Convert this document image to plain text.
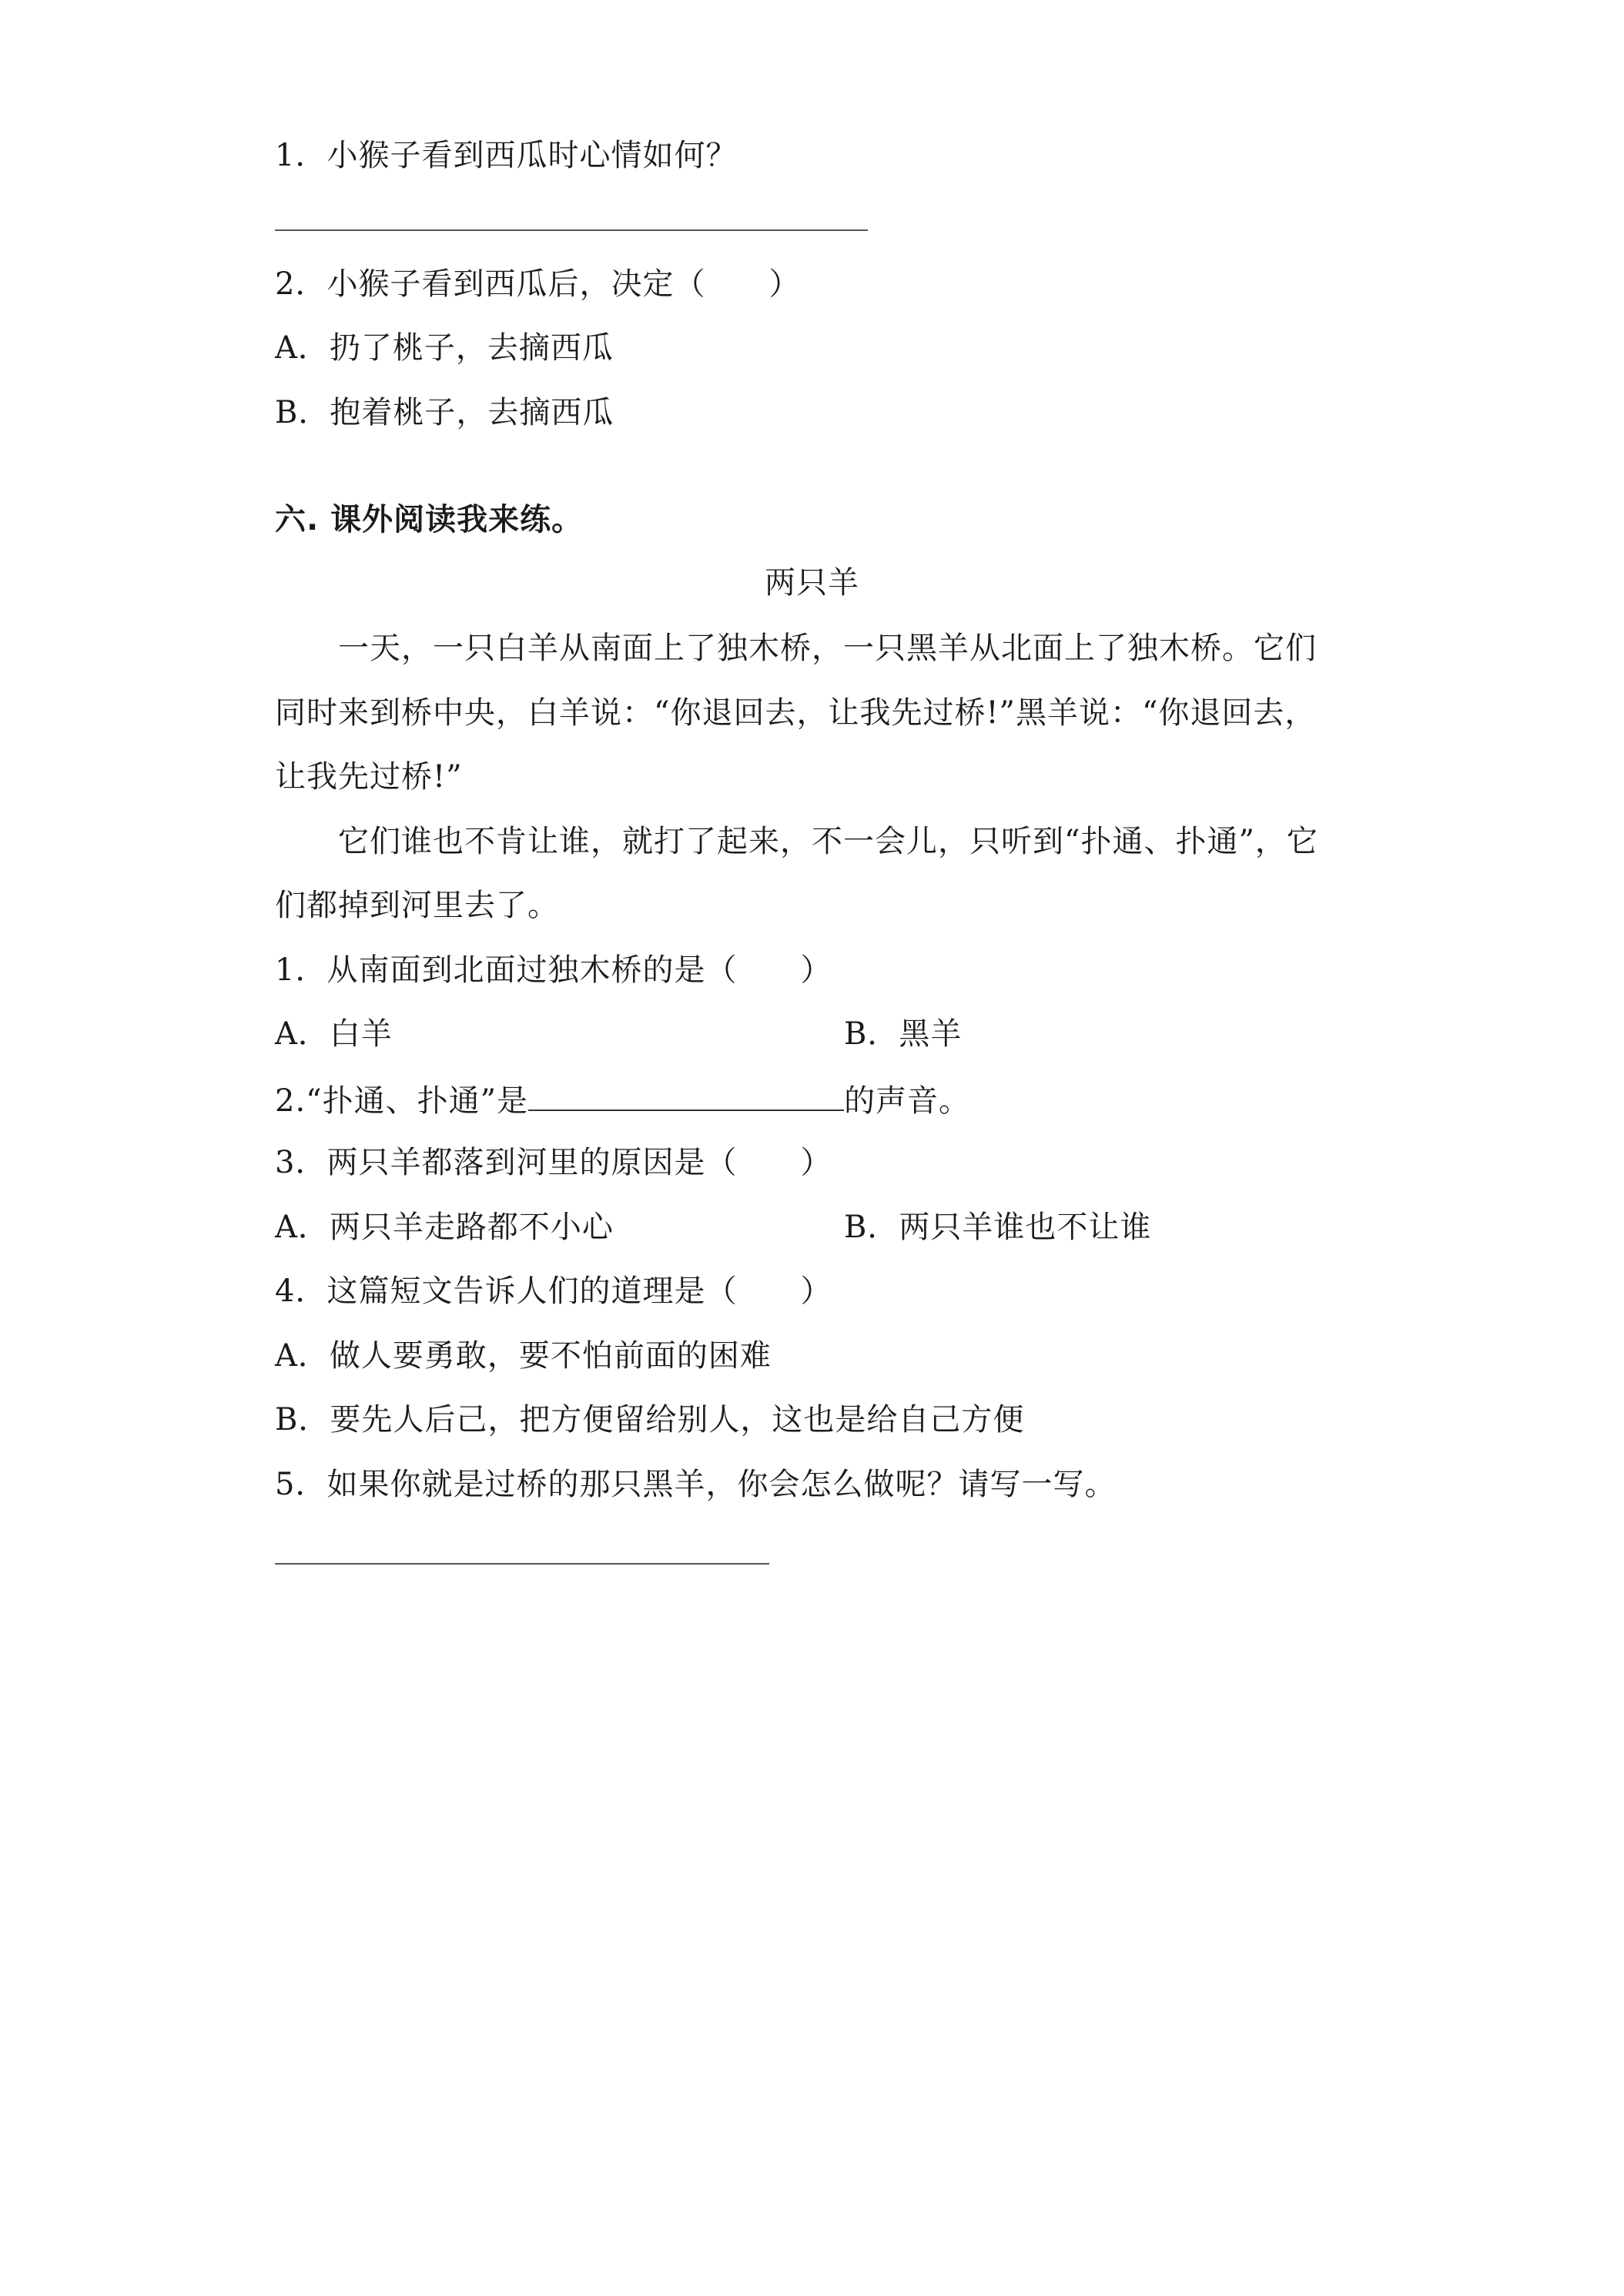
1．小猴子看到西瓜时心情如何？
2．小猴子看到西瓜后，决定（　　）
A．扔了桃子，去摘西瓜
B．抱着桃子，去摘西瓜
六. 课外阅读我来练。
两只羊
　　一天，一只白羊从南面上了独木桥，一只黑羊从北面上了独木桥。它们
同时来到桥中央，白羊说：“你退回去，让我先过桥!”黑羊说：“你退回去，
让我先过桥!”
　　它们谁也不肯让谁，就打了起来，不一会儿，只听到“扑通、扑通”，它
们都掉到河里去了。
1．从南面到北面过独木桥的是（　　）
A．白羊	B．黑羊
2.“扑通、扑通”是	的声音。
3．两只羊都落到河里的原因是（　　）
A．两只羊走路都不小心	B．两只羊谁也不让谁
4．这篇短文告诉人们的道理是（　　）
A．做人要勇敢，要不怕前面的困难
B．要先人后己，把方便留给别人，这也是给自己方便
5．如果你就是过桥的那只黑羊，你会怎么做呢？请写一写。
